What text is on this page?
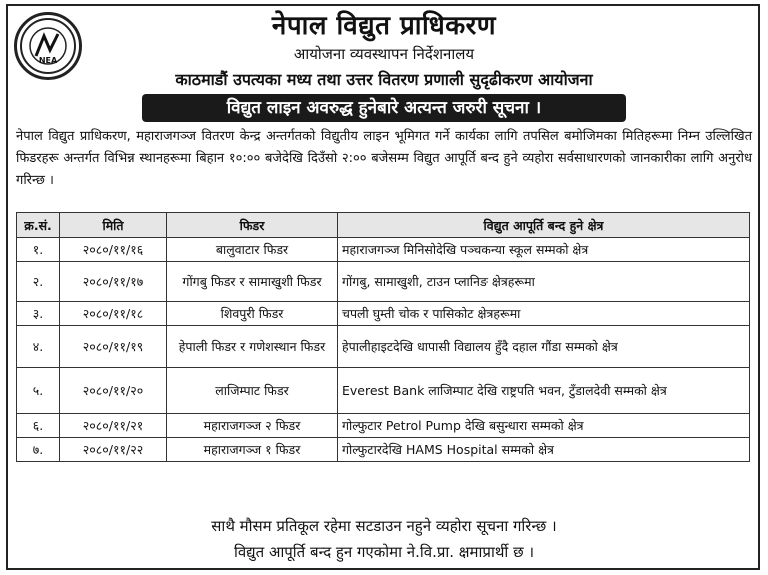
NEA
नेपाल विद्युत प्राधिकरण
आयोजना व्यवस्थापन निर्देशनालय
काठमाडौं उपत्यका मध्य तथा उत्तर वितरण प्रणाली सुदृढीकरण आयोजना
विद्युत लाइन अवरुद्ध हुनेबारे अत्यन्त जरुरी सूचना ।
नेपाल विद्युत प्राधिकरण, महाराजगञ्ज वितरण केन्द्र अन्तर्गतको विद्युतीय लाइन भूमिगत गर्ने कार्यका लागि तपसिल बमोजिमका मितिहरूमा निम्न उल्लिखित फिडरहरू अन्तर्गत विभिन्न स्थानहरूमा बिहान १०:०० बजेदेखि दिउँसो २:०० बजेसम्म विद्युत आपूर्ति बन्द हुने व्यहोरा सर्वसाधारणको जानकारीका लागि अनुरोध गरिन्छ ।
क्र.सं.	मिति	फिडर	विद्युत आपूर्ति बन्द हुने क्षेत्र
१.	२०८०/११/१६	बालुवाटार फिडर	महाराजगञ्ज मिनिसोदेखि पञ्चकन्या स्कूल सम्मको क्षेत्र
२.	२०८०/११/१७	गोंगबु फिडर र सामाखुशी फिडर	गोंगबु, सामाखुशी, टाउन प्लानिङ क्षेत्रहरूमा
३.	२०८०/११/१८	शिवपुरी फिडर	चपली घुम्ती चोक र पासिकोट क्षेत्रहरूमा
४.	२०८०/११/१९	हेपाली फिडर र गणेशस्थान फिडर	हेपालीहाइटदेखि धापासी विद्यालय हुँदै दहाल गौंडा सम्मको क्षेत्र
५.	२०८०/११/२०	लाजिम्पाट फिडर	Everest Bank लाजिम्पाट देखि राष्ट्रपति भवन, टुँडालदेवी सम्मको क्षेत्र
६.	२०८०/११/२१	महाराजगञ्ज २ फिडर	गोल्फुटार Petrol Pump देखि बसुन्धारा सम्मको क्षेत्र
७.	२०८०/११/२२	महाराजगञ्ज १ फिडर	गोल्फुटारदेखि HAMS Hospital सम्मको क्षेत्र
साथै मौसम प्रतिकूल रहेमा सटडाउन नहुने व्यहोरा सूचना गरिन्छ ।
विद्युत आपूर्ति बन्द हुन गएकोमा ने.वि.प्रा. क्षमाप्रार्थी छ ।
